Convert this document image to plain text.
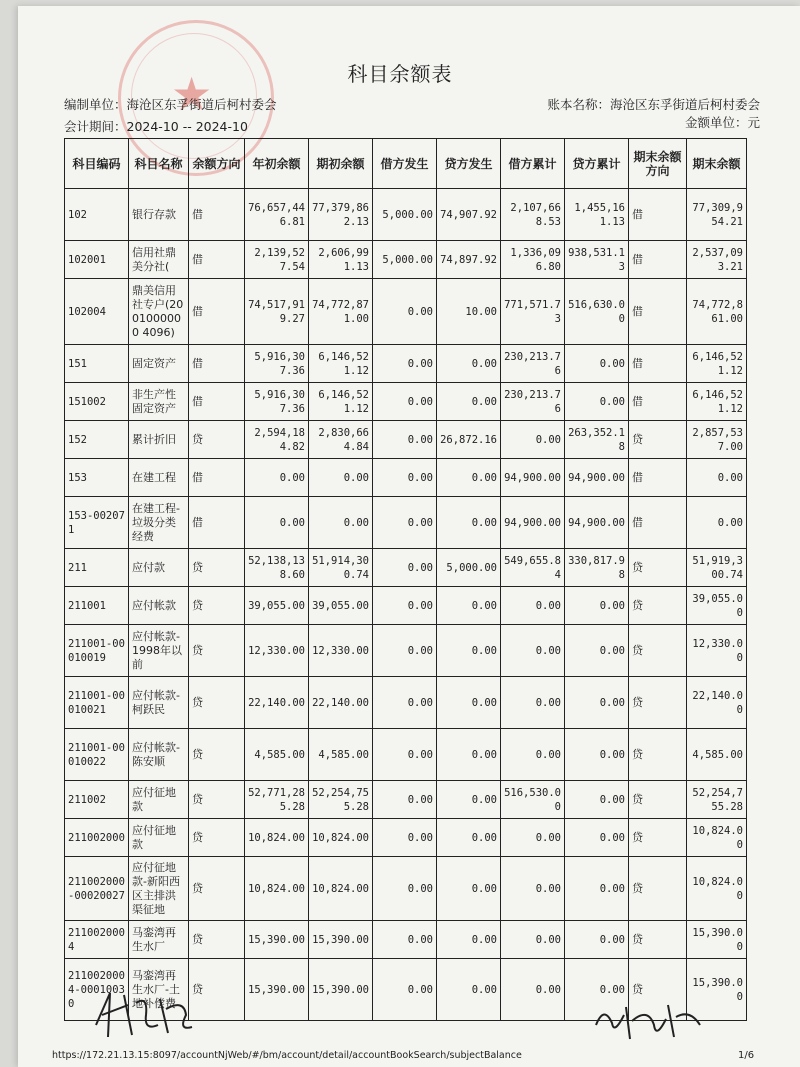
★	科目余额表
编制单位：海沧区东孚街道后柯村委会
会计期间：2024-10 -- 2024-10
账本名称：海沧区东孚街道后柯村委会
金额单位：元
科目编码	科目名称	余额方向	年初余额	期初余额	借方发生	贷方发生	借方累计	贷方累计	期末余额方向	期末余额
102	银行存款	借	76,657,446.81	77,379,862.13	5,000.00	74,907.92	2,107,668.53	1,455,161.13	借	77,309,954.21
102001	信用社鼎美分社(	借	2,139,527.54	2,606,991.13	5,000.00	74,897.92	1,336,096.80	938,531.13	借	2,537,093.21
102004	鼎美信用社专户(2001000000 4096)	借	74,517,919.27	74,772,871.00	0.00	10.00	771,571.73	516,630.00	借	74,772,861.00
151	固定资产	借	5,916,307.36	6,146,521.12	0.00	0.00	230,213.76	0.00	借	6,146,521.12
151002	非生产性固定资产	借	5,916,307.36	6,146,521.12	0.00	0.00	230,213.76	0.00	借	6,146,521.12
152	累计折旧	贷	2,594,184.82	2,830,664.84	0.00	26,872.16	0.00	263,352.18	贷	2,857,537.00
153	在建工程	借	0.00	0.00	0.00	0.00	94,900.00	94,900.00	借	0.00
153-002071	在建工程-垃圾分类经费	借	0.00	0.00	0.00	0.00	94,900.00	94,900.00	借	0.00
211	应付款	贷	52,138,138.60	51,914,300.74	0.00	5,000.00	549,655.84	330,817.98	贷	51,919,300.74
211001	应付帐款	贷	39,055.00	39,055.00	0.00	0.00	0.00	0.00	贷	39,055.00
211001-00010019	应付帐款-1998年以前	贷	12,330.00	12,330.00	0.00	0.00	0.00	0.00	贷	12,330.00
211001-00010021	应付帐款-柯跃民	贷	22,140.00	22,140.00	0.00	0.00	0.00	0.00	贷	22,140.00
211001-00010022	应付帐款-陈安顺	贷	4,585.00	4,585.00	0.00	0.00	0.00	0.00	贷	4,585.00
211002	应付征地款	贷	52,771,285.28	52,254,755.28	0.00	0.00	516,530.00	0.00	贷	52,254,755.28
211002000	应付征地款	贷	10,824.00	10,824.00	0.00	0.00	0.00	0.00	贷	10,824.00
211002000-00020027	应付征地款-新阳西区主排洪渠征地	贷	10,824.00	10,824.00	0.00	0.00	0.00	0.00	贷	10,824.00
2110020004	马銮湾再生水厂	贷	15,390.00	15,390.00	0.00	0.00	0.00	0.00	贷	15,390.00
2110020004-00010030	马銮湾再生水厂-土地补偿费	贷	15,390.00	15,390.00	0.00	0.00	0.00	0.00	贷	15,390.00
https://172.21.13.15:8097/accountNjWeb/#/bm/account/detail/accountBookSearch/subjectBalance	1/6
